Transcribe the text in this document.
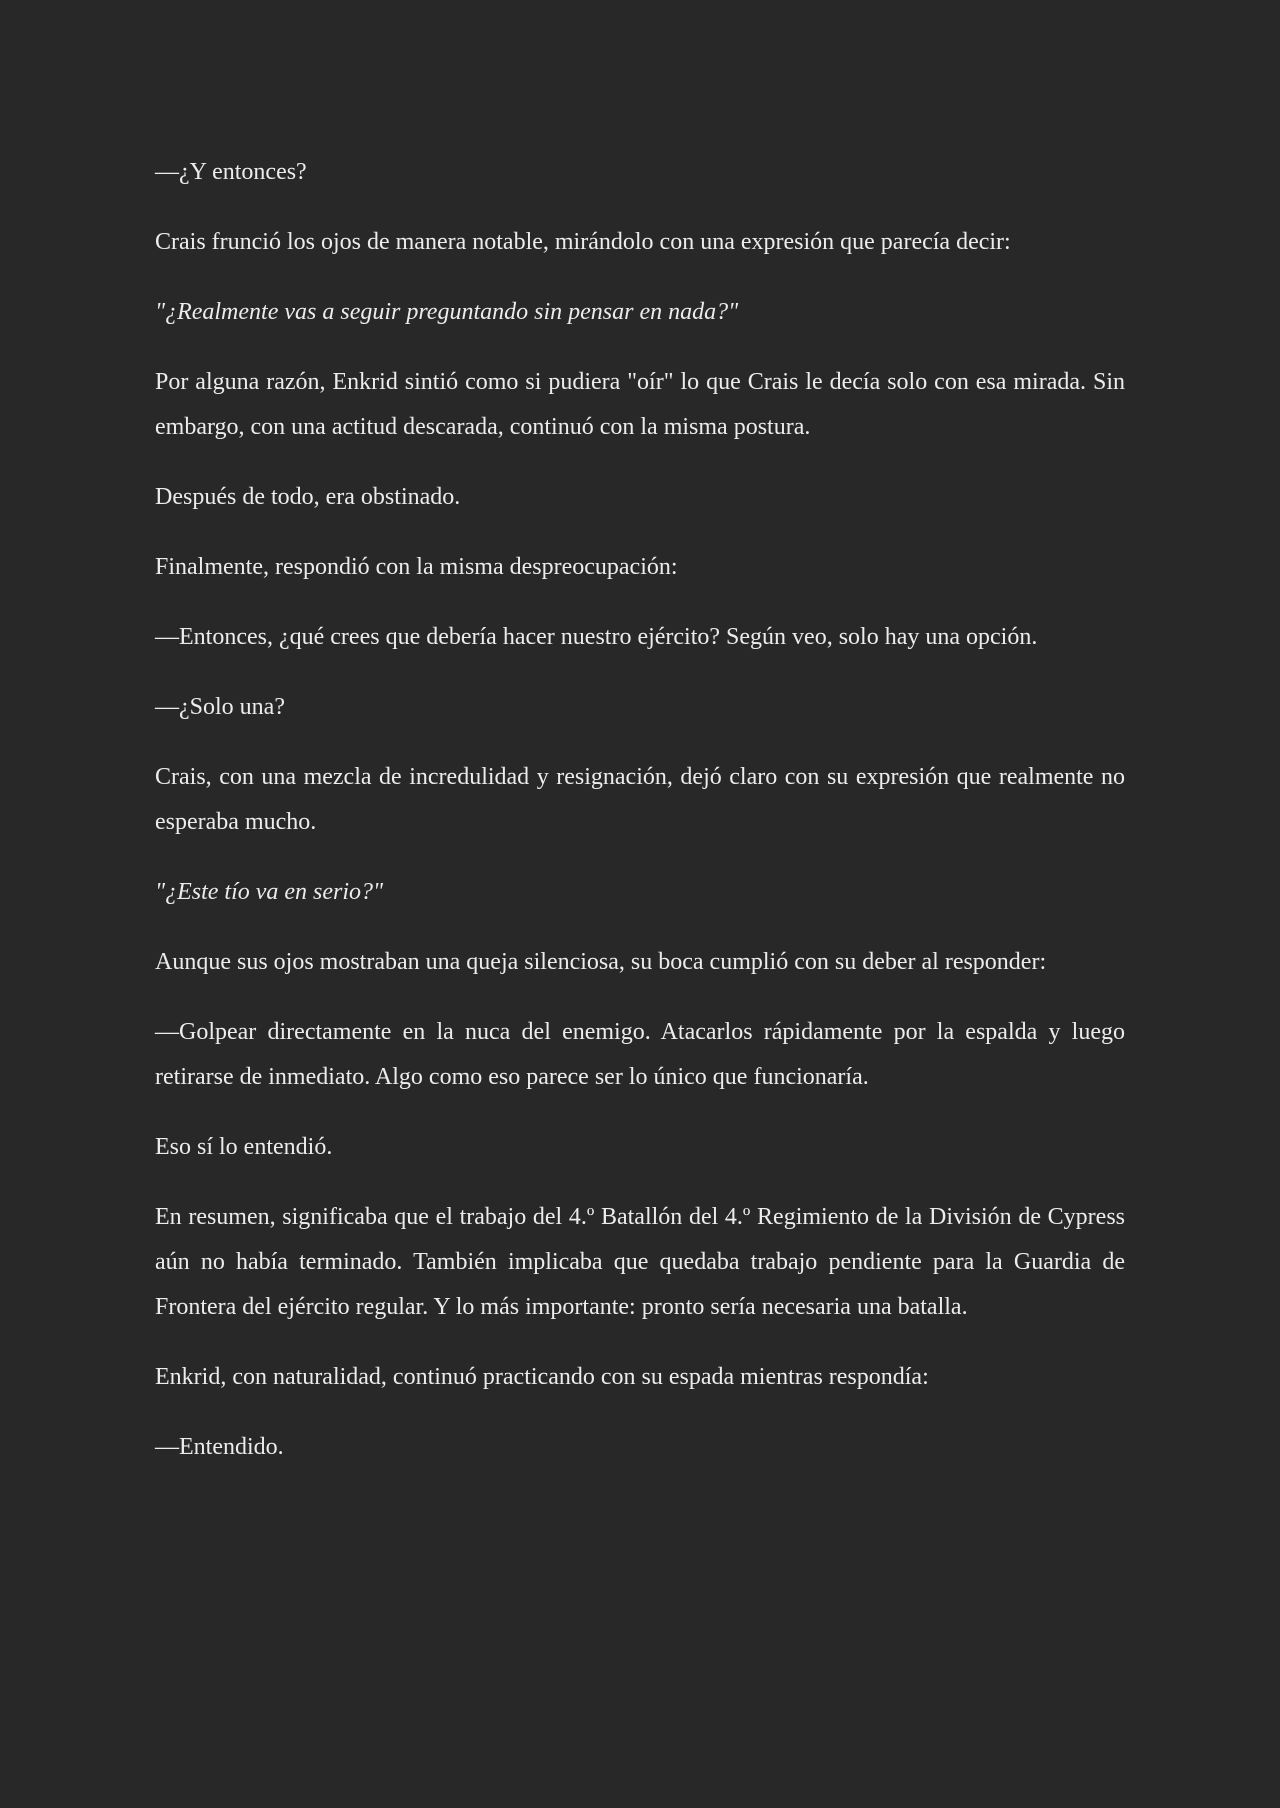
—¿Y entonces?

Crais frunció los ojos de manera notable, mirándolo con una expresión que parecía decir:

"¿Realmente vas a seguir preguntando sin pensar en nada?"

Por alguna razón, Enkrid sintió como si pudiera "oír" lo que Crais le decía solo con esa mirada. Sin embargo, con una actitud descarada, continuó con la misma postura.

Después de todo, era obstinado.

Finalmente, respondió con la misma despreocupación:

—Entonces, ¿qué crees que debería hacer nuestro ejército? Según veo, solo hay una opción.

—¿Solo una?

Crais, con una mezcla de incredulidad y resignación, dejó claro con su expresión que realmente no esperaba mucho.

"¿Este tío va en serio?"

Aunque sus ojos mostraban una queja silenciosa, su boca cumplió con su deber al responder:

—Golpear directamente en la nuca del enemigo. Atacarlos rápidamente por la espalda y luego retirarse de inmediato. Algo como eso parece ser lo único que funcionaría.

Eso sí lo entendió.

En resumen, significaba que el trabajo del 4.º Batallón del 4.º Regimiento de la División de Cypress aún no había terminado. También implicaba que quedaba trabajo pendiente para la Guardia de Frontera del ejército regular. Y lo más importante: pronto sería necesaria una batalla.

Enkrid, con naturalidad, continuó practicando con su espada mientras respondía:

—Entendido.
